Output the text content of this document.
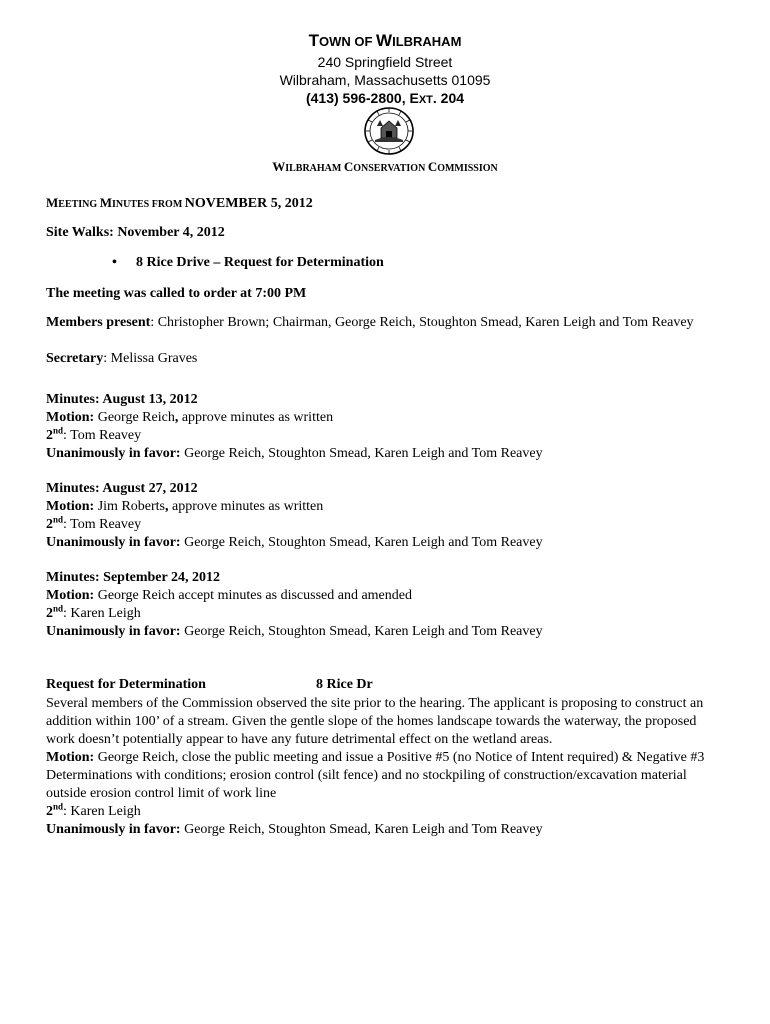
TOWN OF WILBRAHAM
240 Springfield Street
Wilbraham, Massachusetts 01095
(413) 596-2800, EXT. 204
WILBRAHAM CONSERVATION COMMISSION
MEETING MINUTES FROM NOVEMBER 5, 2012
Site Walks: November 4, 2012
• 8 Rice Drive – Request for Determination
The meeting was called to order at 7:00 PM
Members present: Christopher Brown; Chairman, George Reich, Stoughton Smead, Karen Leigh and Tom Reavey
Secretary: Melissa Graves
Minutes: August 13, 2012
Motion: George Reich, approve minutes as written
2nd: Tom Reavey
Unanimously in favor: George Reich, Stoughton Smead, Karen Leigh and Tom Reavey
Minutes: August 27, 2012
Motion: Jim Roberts, approve minutes as written
2nd: Tom Reavey
Unanimously in favor: George Reich, Stoughton Smead, Karen Leigh and Tom Reavey
Minutes: September 24, 2012
Motion: George Reich accept minutes as discussed and amended
2nd: Karen Leigh
Unanimously in favor: George Reich, Stoughton Smead, Karen Leigh and Tom Reavey
Request for Determination	8 Rice Dr
Several members of the Commission observed the site prior to the hearing. The applicant is proposing to construct an addition within 100’ of a stream. Given the gentle slope of the homes landscape towards the waterway, the proposed work doesn’t potentially appear to have any future detrimental effect on the wetland areas.
Motion: George Reich, close the public meeting and issue a Positive #5 (no Notice of Intent required) & Negative #3 Determinations with conditions; erosion control (silt fence) and no stockpiling of construction/excavation material outside erosion control limit of work line
2nd: Karen Leigh
Unanimously in favor: George Reich, Stoughton Smead, Karen Leigh and Tom Reavey
